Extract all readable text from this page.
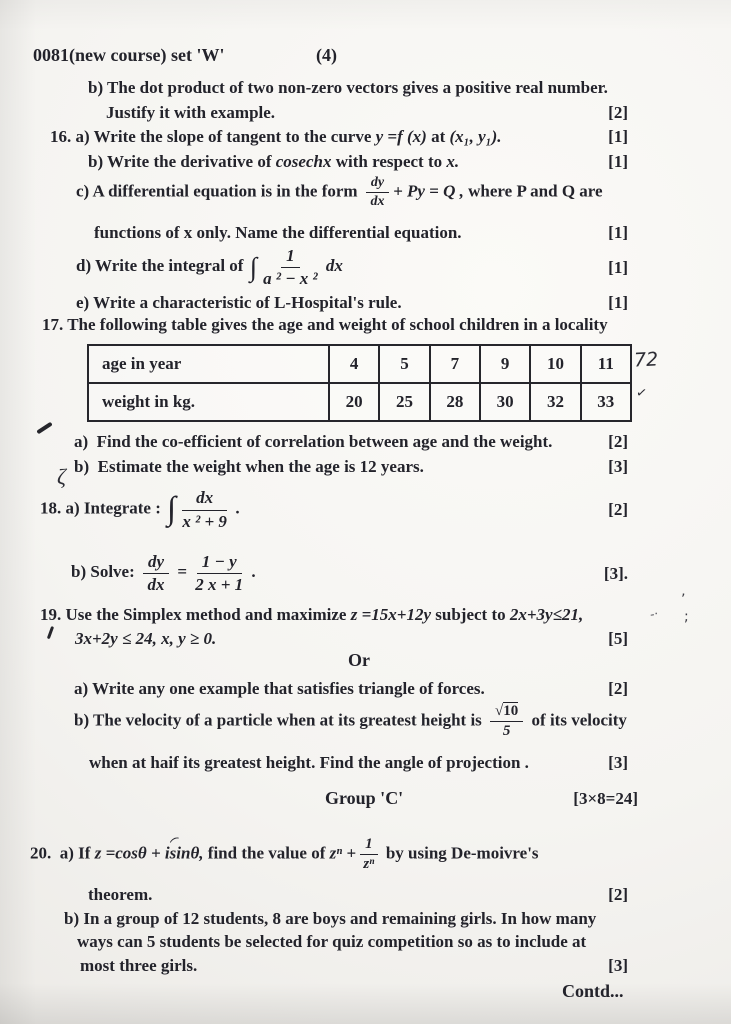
0081(new course) set 'W'	(4)
b) The dot product of two non-zero vectors gives a positive real number.
Justify it with example.	[2]
16. a) Write the slope of tangent to the curve y =f (x) at (x₁, y₁).	[1]
b) Write the derivative of cosechx with respect to x.	[1]
c) A differential equation is in the form $\frac{dy}{dx} + Py = Q$ , where P and Q are
functions of x only. Name the differential equation.	[1]
d) Write the integral of ∫ $\frac{1}{\text{a ² − x ²}}$ dx	[1]
e) Write a characteristic of L-Hospital's rule.	[1]
17. The following table gives the age and weight of school children in a locality
age in year	4	5	7	9	10	11
weight in kg.	20	25	28	30	32	33
72
✓
a)  Find the co-efficient of correlation between age and the weight.	[2]
b)  Estimate the weight when the age is 12 years.	[3]
18. a) Integrate : ∫ $\frac{dx}{\text{x ² + 9}}$ .	[2]
b) Solve: $\frac{dy}{dx} = \frac{1 - y}{2 x + 1}$ .	[3].
19. Use the Simplex method and maximize z =15x+12y subject to 2x+3y≤21,
3x+2y ≤ 24, x, y ≥ 0.	[5]
Or
a) Write any one example that satisfies triangle of forces.	[2]
b) The velocity of a particle when at its greatest height is $\frac{√10}{5}$ of its velocity
when at haif its greatest height. Find the angle of projection .	[3]
Group 'C'	[3×8=24]
20.  a) If z =cosθ + isinθ, find the value of $z^n + \frac{1}{\text{zⁿ}}$ by using De-moivre's
theorem.	[2]
b) In a group of 12 students, 8 are boys and remaining girls. In how many
ways can 5 students be selected for quiz competition so as to include at
most three girls.	[3]
Contd...
ζ
’
-· ;
(
